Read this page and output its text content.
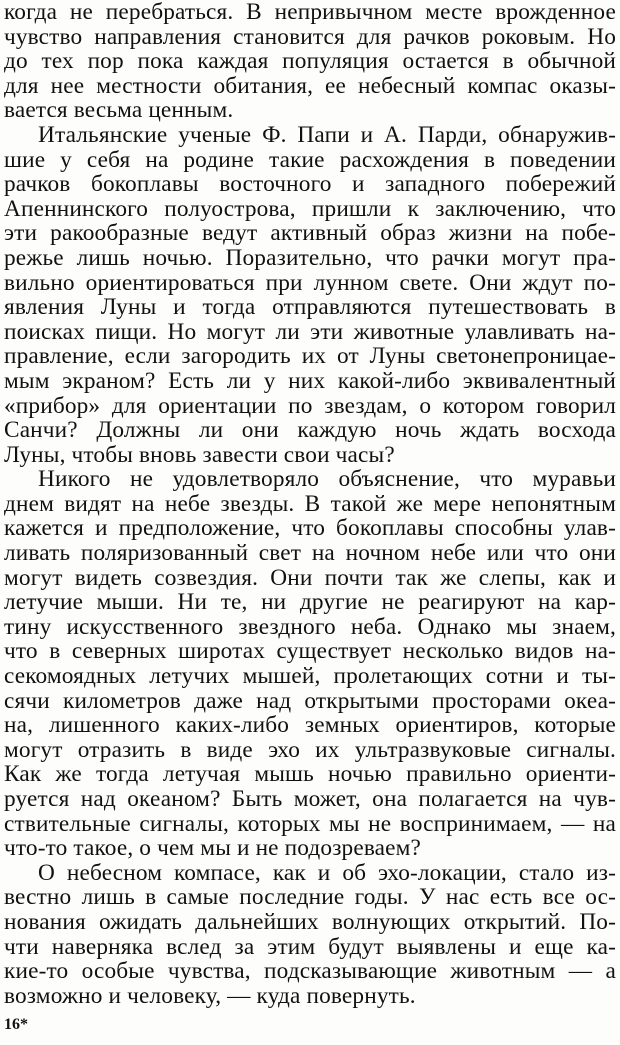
когда не перебраться. В непривычном месте врожденное
чувство направления становится для рачков роковым. Но
до тех пор пока каждая популяция остается в обычной
для нее местности обитания, ее небесный компас оказы-
вается весьма ценным.
Итальянские ученые Ф. Папи и А. Парди, обнаружив-
шие у себя на родине такие расхождения в поведении
рачков бокоплавы восточного и западного побережий
Апеннинского полуострова, пришли к заключению, что
эти ракообразные ведут активный образ жизни на побе-
режье лишь ночью. Поразительно, что рачки могут пра-
вильно ориентироваться при лунном свете. Они ждут по-
явления Луны и тогда отправляются путешествовать в
поисках пищи. Но могут ли эти животные улавливать на-
правление, если загородить их от Луны светонепроницае-
мым экраном? Есть ли у них какой-либо эквивалентный
«прибор» для ориентации по звездам, о котором говорил
Санчи? Должны ли они каждую ночь ждать восхода
Луны, чтобы вновь завести свои часы?
Никого не удовлетворяло объяснение, что муравьи
днем видят на небе звезды. В такой же мере непонятным
кажется и предположение, что бокоплавы способны улав-
ливать поляризованный свет на ночном небе или что они
могут видеть созвездия. Они почти так же слепы, как и
летучие мыши. Ни те, ни другие не реагируют на кар-
тину искусственного звездного неба. Однако мы знаем,
что в северных широтах существует несколько видов на-
секомоядных летучих мышей, пролетающих сотни и ты-
сячи километров даже над открытыми просторами океа-
на, лишенного каких-либо земных ориентиров, которые
могут отразить в виде эхо их ультразвуковые сигналы.
Как же тогда летучая мышь ночью правильно ориенти-
руется над океаном? Быть может, она полагается на чув-
ствительные сигналы, которых мы не воспринимаем, — на
что-то такое, о чем мы и не подозреваем?
О небесном компасе, как и об эхо-локации, стало из-
вестно лишь в самые последние годы. У нас есть все ос-
нования ожидать дальнейших волнующих открытий. По-
чти наверняка вслед за этим будут выявлены и еще ка-
кие-то особые чувства, подсказывающие животным — а
возможно и человеку, — куда повернуть.
16*
